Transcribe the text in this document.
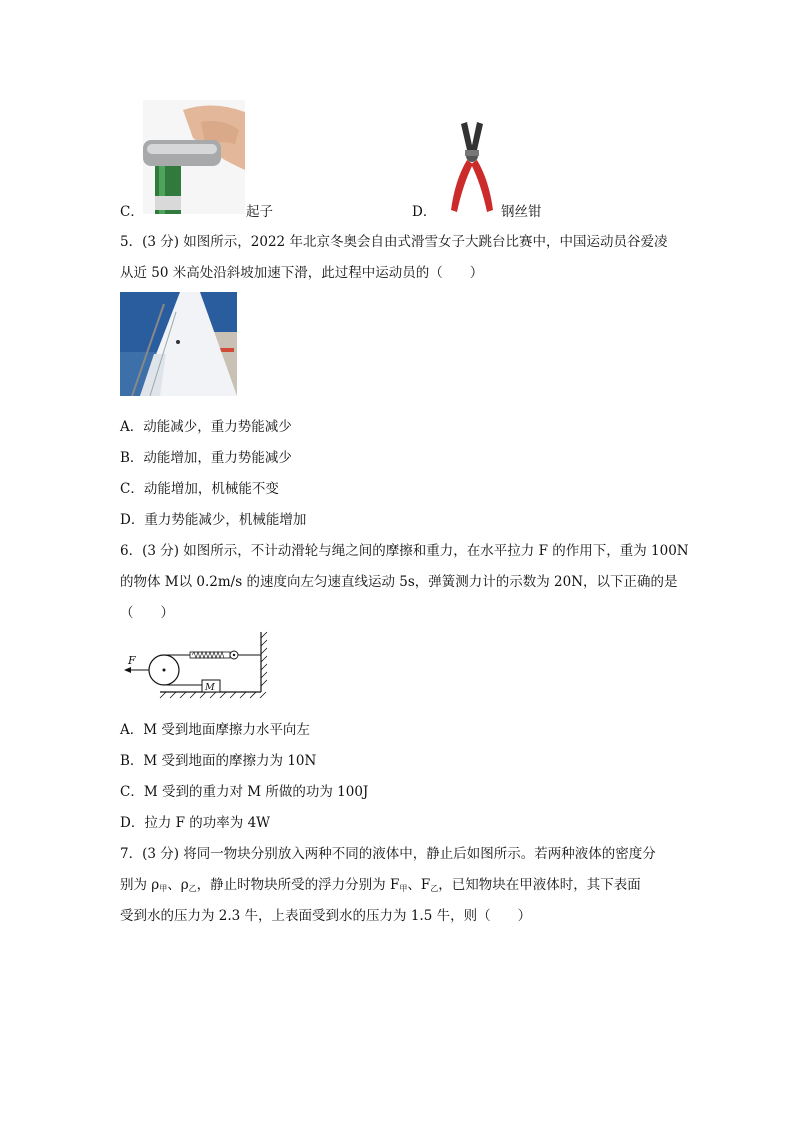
C．	起子	D．	钢丝钳
5．(3 分) 如图所示，2022 年北京冬奥会自由式滑雪女子大跳台比赛中，中国运动员谷爱凌
从近 50 米高处沿斜坡加速下滑，此过程中运动员的（　　）
A．动能减少，重力势能减少
B．动能增加，重力势能减少
C．动能增加，机械能不变
D．重力势能减少，机械能增加
6．(3 分) 如图所示，不计动滑轮与绳之间的摩擦和重力，在水平拉力 F 的作用下，重为 100N
的物体 M以 0.2m/s 的速度向左匀速直线运动 5s，弹簧测力计的示数为 20N，以下正确的是
（　　）
F
M
A．M 受到地面摩擦力水平向左
B．M 受到地面的摩擦力为 10N
C．M 受到的重力对 M 所做的功为 100J
D．拉力 F 的功率为 4W
7．(3 分) 将同一物块分别放入两种不同的液体中，静止后如图所示。若两种液体的密度分
别为 $\rho_甲$、$\rho_乙$，静止时物块所受的浮力分别为 $F_甲$、$F_乙$，已知物块在甲液体时，其下表面
受到水的压力为 2.3 牛，上表面受到水的压力为 1.5 牛，则（　　）
